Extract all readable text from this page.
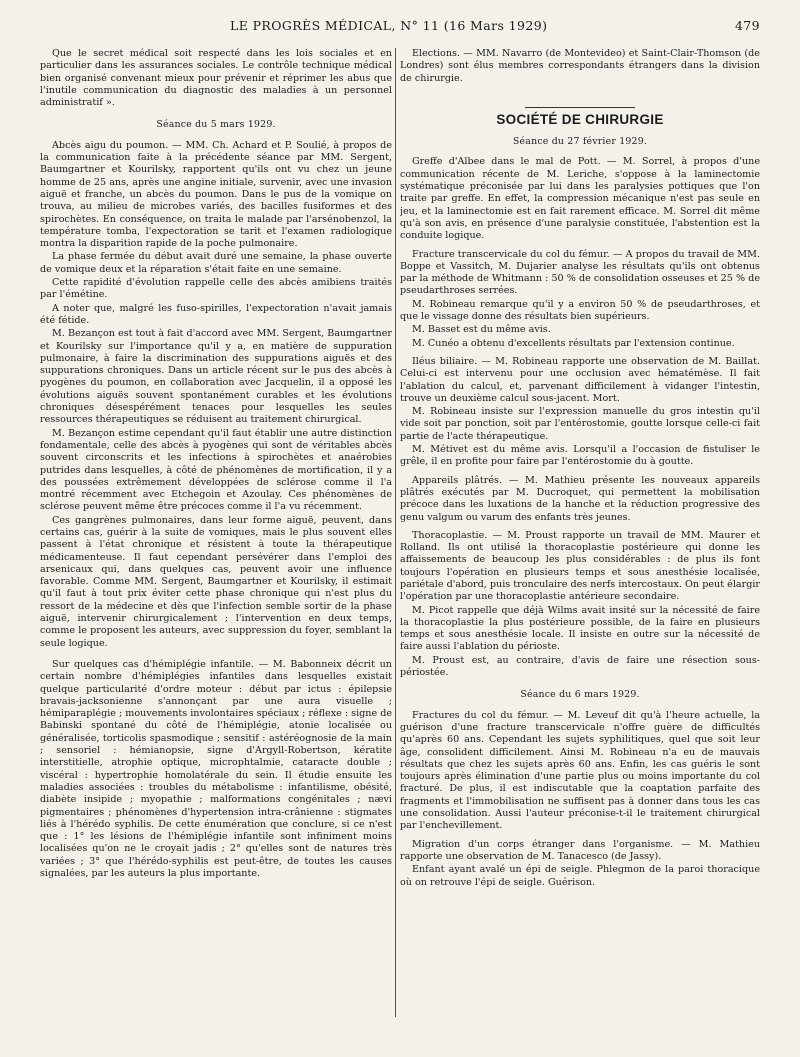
LE PROGRÈS MÉDICAL, N° 11 (16 Mars 1929)	479

Que le secret médical soit respecté dans les lois sociales et en particulier dans les assurances sociales. Le contrôle technique médical bien organisé convenant mieux pour prévenir et réprimer les abus que l'inutile communication du diagnostic des maladies à un personnel administratif ».

Séance du 5 mars 1929.

Abcès aigu du poumon. — MM. Ch. Achard et P. Soulié, à propos de la communication faite à la précédente séance par MM. Sergent, Baumgartner et Kourilsky, rapportent qu'ils ont vu chez un jeune homme de 25 ans, après une angine initiale, survenir, avec une invasion aiguë et franche, un abcès du poumon. Dans le pus de la vomique on trouva, au milieu de microbes variés, des bacilles fusiformes et des spirochètes. En conséquence, on traita le malade par l'arsénobenzol, la température tomba, l'expectoration se tarit et l'examen radiologique montra la disparition rapide de la poche pulmonaire.

La phase fermée du début avait duré une semaine, la phase ouverte de vomique deux et la réparation s'était faite en une semaine.

Cette rapidité d'évolution rappelle celle des abcès amibiens traités par l'émétine.

A noter que, malgré les fuso-spirilles, l'expectoration n'avait jamais été fétide.

M. Bezançon est tout à fait d'accord avec MM. Sergent, Baumgartner et Kourilsky sur l'importance qu'il y a, en matière de suppuration pulmonaire, à faire la discrimination des suppurations aiguës et des suppurations chroniques. Dans un article récent sur le pus des abcès à pyogènes du poumon, en collaboration avec Jacquelin, il a opposé les évolutions aiguës souvent spontanément curables et les évolutions chroniques désespérément tenaces pour lesquelles les seules ressources thérapeutiques se réduisent au traitement chirurgical.

M. Bezançon estime cependant qu'il faut établir une autre distinction fondamentale, celle des abcès à pyogènes qui sont de véritables abcès souvent circonscrits et les infections à spirochètes et anaérobies putrides dans lesquelles, à côté de phénomènes de mortification, il y a des poussées extrêmement développées de sclérose comme il l'a montré récemment avec Etchegoin et Azoulay. Ces phénomènes de sclérose peuvent même être précoces comme il l'a vu récemment.

Ces gangrènes pulmonaires, dans leur forme aiguë, peuvent, dans certains cas, guérir à la suite de vomiques, mais le plus souvent elles passent à l'état chronique et résistent à toute la thérapeutique médicamenteuse. Il faut cependant persévérer dans l'emploi des arsenicaux qui, dans quelques cas, peuvent avoir une influence favorable. Comme MM. Sergent, Baumgartner et Kourilsky, il estimait qu'il faut à tout prix éviter cette phase chronique qui n'est plus du ressort de la médecine et dès que l'infection semble sortir de la phase aiguë, intervenir chirurgicalement ; l'intervention en deux temps, comme le proposent les auteurs, avec suppression du foyer, semblant la seule logique.

Sur quelques cas d'hémiplégie infantile. — M. Babonneix décrit un certain nombre d'hémiplégies infantiles dans lesquelles existait quelque particularité d'ordre moteur : début par ictus : épilepsie bravais-jacksonienne s'annonçant par une aura visuelle ; hémiparaplégie ; mouvements involontaires spéciaux ; réflexe : signe de Babinski spontané du côté de l'hémiplégie, atonie localisée ou généralisée, torticolis spasmodique ; sensitif : astéréognosie de la main ; sensoriel : hémianopsie, signe d'Argyll-Robertson, kératite interstitielle, atrophie optique, microphtalmie, cataracte double ; viscéral : hypertrophie homolatérale du sein. Il étudie ensuite les maladies associées : troubles du métabolisme : infantilisme, obésité, diabète insipide ; myopathie ; malformations congénitales ; nævi pigmentaires ; phénomènes d'hypertension intra-crânienne : stigmates liés à l'hérédo syphilis. De cette énumération que conclure, si ce n'est que : 1° les lésions de l'hémiplégie infantile sont infiniment moins localisées qu'on ne le croyait jadis ; 2° qu'elles sont de natures très variées ; 3° que l'hérédo-syphilis est peut-être, de toutes les causes signalées, par les auteurs la plus importante.

Elections. — MM. Navarro (de Montevideo) et Saint-Clair-Thomson (de Londres) sont élus membres correspondants étrangers dans la division de chirurgie.

SOCIÉTÉ DE CHIRURGIE
Séance du 27 février 1929.

Greffe d'Albee dans le mal de Pott. — M. Sorrel, à propos d'une communication récente de M. Leriche, s'oppose à la laminectomie systématique préconisée par lui dans les paralysies pottiques que l'on traite par greffe. En effet, la compression mécanique n'est pas seule en jeu, et la laminectomie est en fait rarement efficace. M. Sorrel dit même qu'à son avis, en présence d'une paralysie constituée, l'abstention est la conduite logique.

Fracture transcervicale du col du fémur. — A propos du travail de MM. Boppe et Vassitch, M. Dujarier analyse les résultats qu'ils ont obtenus par la méthode de Whitmann : 50 % de consolidation osseuses et 25 % de pseudarthroses serrées.

M. Robineau remarque qu'il y a environ 50 % de pseudarthroses, et que le vissage donne des résultats bien supérieurs.

M. Basset est du même avis.

M. Cunéo a obtenu d'excellents résultats par l'extension continue.

Iléus biliaire. — M. Robineau rapporte une observation de M. Baillat. Celui-ci est intervenu pour une occlusion avec hématémèse. Il fait l'ablation du calcul, et, parvenant difficilement à vidanger l'intestin, trouve un deuxième calcul sous-jacent. Mort.

M. Robineau insiste sur l'expression manuelle du gros intestin qu'il vide soit par ponction, soit par l'entérostomie, goutte lorsque celle-ci fait partie de l'acte thérapeutique.

M. Métivet est du même avis. Lorsqu'il a l'occasion de fistuliser le grêle, il en profite pour faire par l'entérostomie du à goutte.

Appareils plâtrés. — M. Mathieu présente les nouveaux appareils plâtrés exécutés par M. Ducroquet, qui permettent la mobilisation précoce dans les luxations de la hanche et la réduction progressive des genu valgum ou varum des enfants très jeunes.

Thoracoplastie. — M. Proust rapporte un travail de MM. Maurer et Rolland. Ils ont utilisé la thoracoplastie postérieure qui donne les affaissements de beaucoup les plus considérables : de plus ils font toujours l'opération en plusieurs temps et sous anesthésie localisée, pariétale d'abord, puis tronculaire des nerfs intercostaux. On peut élargir l'opération par une thoracoplastie antérieure secondaire.

M. Picot rappelle que déjà Wilms avait insité sur la nécessité de faire la thoracoplastie la plus postérieure possible, de la faire en plusieurs temps et sous anesthésie locale. Il insiste en outre sur la nécessité de faire aussi l'ablation du périoste.

M. Proust est, au contraire, d'avis de faire une résection sous-périostée.

Séance du 6 mars 1929.

Fractures du col du fémur. — M. Leveuf dit qu'à l'heure actuelle, la guérison d'une fracture transcervicale n'offre guère de difficultés qu'après 60 ans. Cependant les sujets syphilitiques, quel que soit leur âge, consolident difficilement. Ainsi M. Robineau n'a eu de mauvais résultats que chez les sujets après 60 ans. Enfin, les cas guéris le sont toujours après élimination d'une partie plus ou moins importante du col fracturé. De plus, il est indiscutable que la coaptation parfaite des fragments et l'immobilisation ne suffisent pas à donner dans tous les cas une consolidation. Aussi l'auteur préconise-t-il le traitement chirurgical par l'enchevillement.

Migration d'un corps étranger dans l'organisme. — M. Mathieu rapporte une observation de M. Tanacesco (de Jassy).

Enfant ayant avalé un épi de seigle. Phlegmon de la paroi thoracique où on retrouve l'épi de seigle. Guérison.
